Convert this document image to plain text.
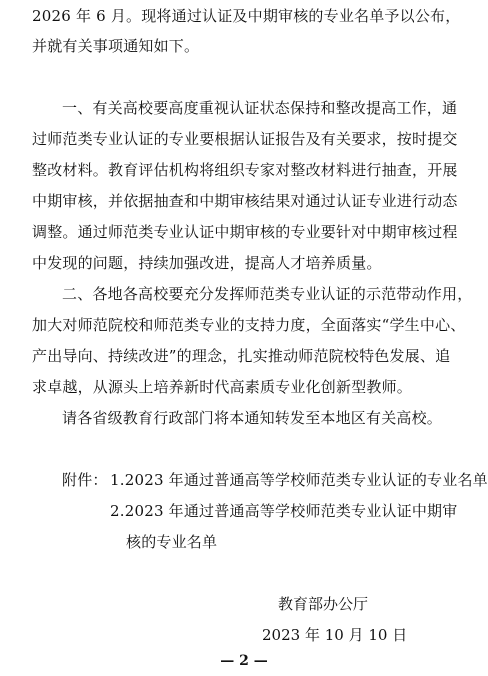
2026 年 6 月。现将通过认证及中期审核的专业名单予以公布，
并就有关事项通知如下。
一、有关高校要高度重视认证状态保持和整改提高工作，通
过师范类专业认证的专业要根据认证报告及有关要求，按时提交
整改材料。教育评估机构将组织专家对整改材料进行抽查，开展
中期审核，并依据抽查和中期审核结果对通过认证专业进行动态
调整。通过师范类专业认证中期审核的专业要针对中期审核过程
中发现的问题，持续加强改进，提高人才培养质量。
二、各地各高校要充分发挥师范类专业认证的示范带动作用，
加大对师范院校和师范类专业的支持力度，全面落实“学生中心、
产出导向、持续改进”的理念，扎实推动师范院校特色发展、追
求卓越，从源头上培养新时代高素质专业化创新型教师。
请各省级教育行政部门将本通知转发至本地区有关高校。
附件： 1.2023 年通过普通高等学校师范类专业认证的专业名单
2.2023 年通过普通高等学校师范类专业认证中期审
核的专业名单
教育部办公厅
2023 年 10 月 10 日
— 2 —
